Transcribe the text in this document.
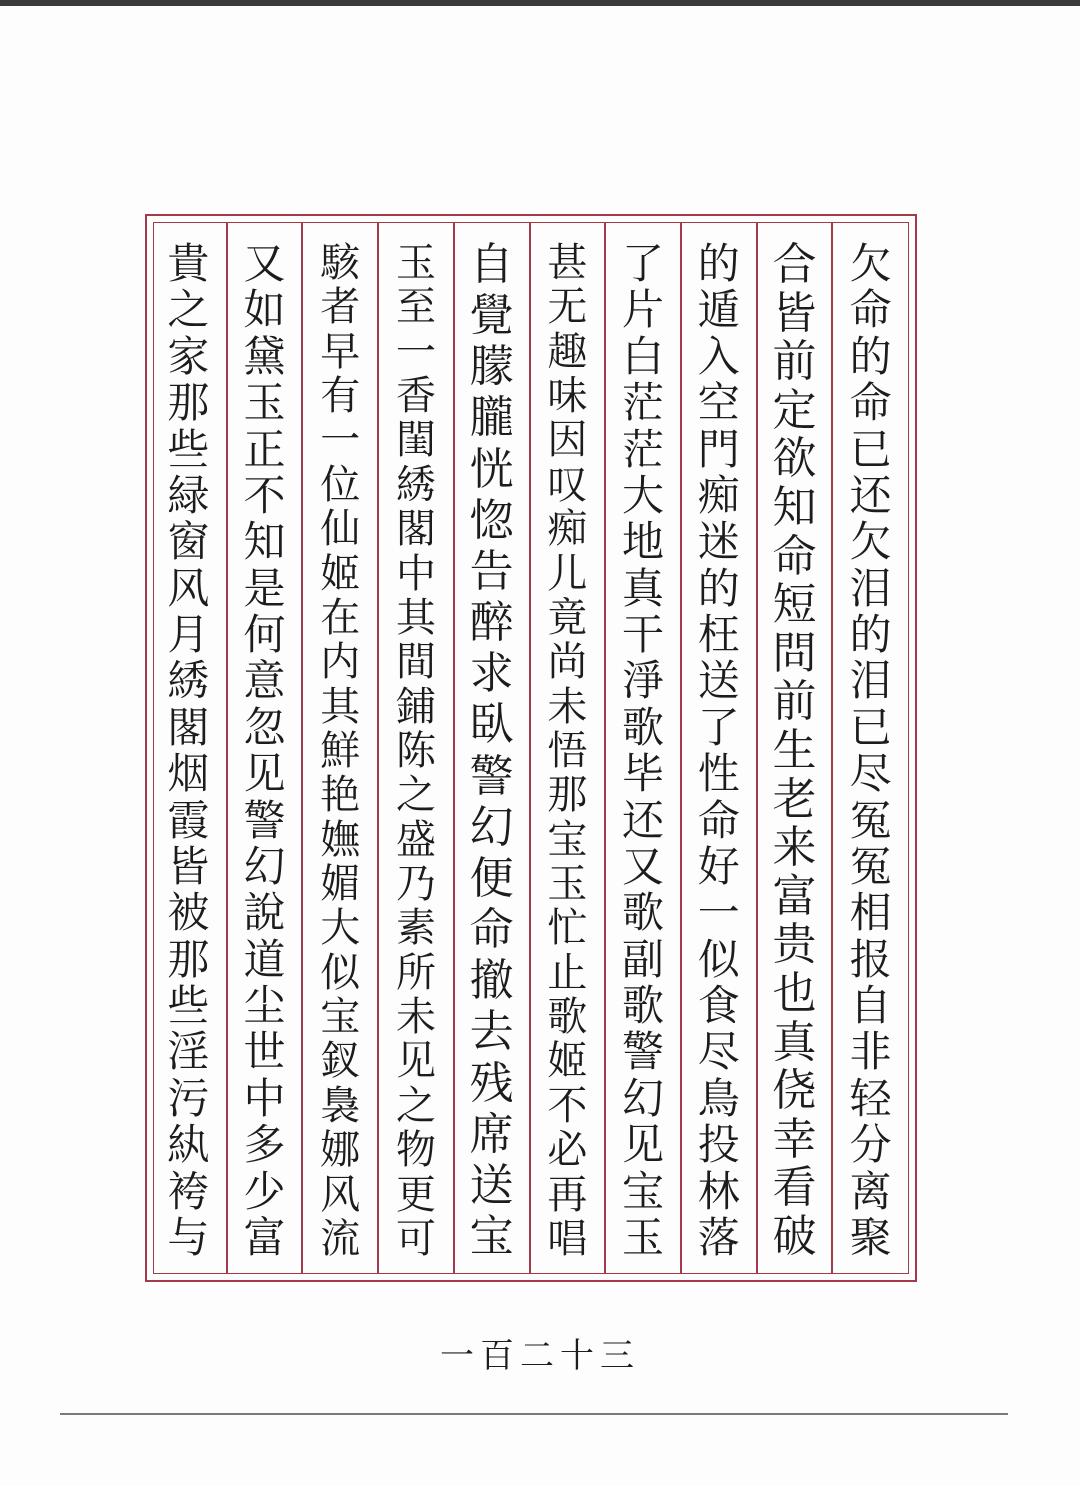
欠
命
的
命
已
还
欠
泪
的
泪
已
尽
冤
冤
相
报
自
非
轻
分
离
聚
合
皆
前
定
欲
知
命
短
問
前
生
老
来
富
贵
也
真
侥
幸
看
破
的
遁
入
空
門
痴
迷
的
枉
送
了
性
命
好
一
似
食
尽
鳥
投
林
落
了
片
白
茫
茫
大
地
真
干
淨
歌
毕
还
又
歌
副
歌
警
幻
见
宝
玉
甚
无
趣
味
因
叹
痴
儿
竟
尚
未
悟
那
宝
玉
忙
止
歌
姬
不
必
再
唱
自
覺
朦
朧
恍
惚
告
醉
求
臥
警
幻
便
命
撤
去
残
席
送
宝
玉
至
一
香
閨
綉
閣
中
其
間
鋪
陈
之
盛
乃
素
所
未
见
之
物
更
可
駭
者
早
有
一
位
仙
姬
在
内
其
鮮
艳
嫵
媚
大
似
宝
釵
裊
娜
风
流
又
如
黛
玉
正
不
知
是
何
意
忽
见
警
幻
說
道
尘
世
中
多
少
富
貴
之
家
那
些
緑
窗
风
月
綉
閣
烟
霞
皆
被
那
些
淫
污
紈
袴
与
一百二十三
